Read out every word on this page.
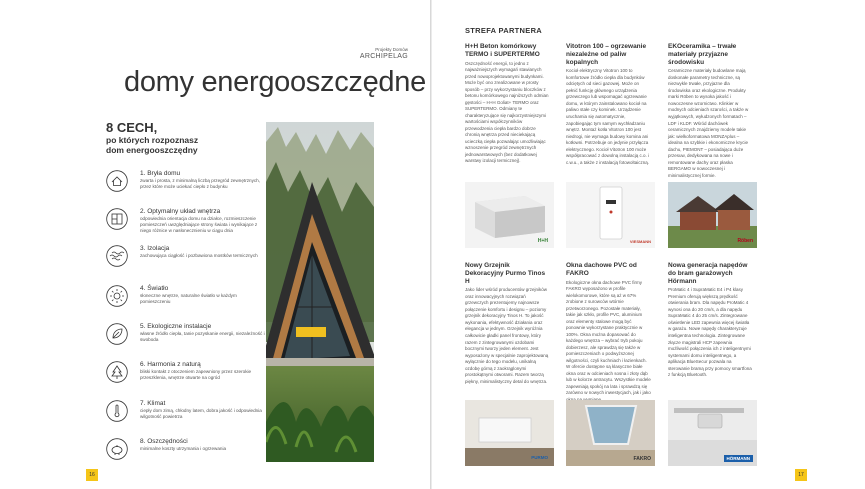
Projekty Domów
ARCHIPELAG
domy energooszczędne
8 CECH,
po których rozpoznasz
dom energooszczędny
1. Bryła domu
zwarta i prosta, z minimalną liczbą przegród zewnętrznych, przez które może uciekać ciepło z budynku
2. Optymalny układ wnętrza
odpowiednia orientacja domu na działce, rozmieszczenie pomieszczeń uwzględniające strony świata i wynikające z niego różnice w nasłonecznieniu w ciągu dnia
3. Izolacja
zachowująca ciągłość i pozbawiona mostków termicznych
4. Światło
słoneczne wnętrze, naturalne światło w każdym pomieszczeniu
5. Ekologiczne instalacje
własne źródło ciepła, tanie pozyskanie energii, niezależność i swoboda
6. Harmonia z naturą
bliski kontakt z otoczeniem zapewniony przez szerokie przeszklenia, wnętrze otwarte na ogród
7. Klimat
ciepły dom zimą, chłodny latem, dobra jakość i odpowiednia wilgotność powietrza
8. Oszczędności
minimalne koszty utrzymania i ogrzewania
16
STREFA PARTNERA
H+H Beton komórkowy TERMO i SUPERTERMO
Oszczędność energii, to jedno z najważniejszych wymagań stawianych przed nowoprojektowanymi budynkami. Może być ono zrealizowane w prosty sposób – przy wykorzystaniu bloczków z betonu komórkowego najniższych odmian gęstości – H+H Goliat+ TERMO oraz SUPERTERMO. Odmiany te charakteryzujące się najkorzystniejszymi wartościami współczynników przewodzenia ciepła bardzo dobrze chronią wnętrza przed nieciekającą ucieczką ciepła pozwalając umożliwiając wznoszenie przegród zewnętrznych jednowarstwowych (bez dodatkowej warstwy izolacji termicznej).
Vitotron 100 – ogrzewanie niezależne od paliw kopalnych
Kocioł elektryczny Vitotron 100 to komfortowe źródło ciepła dla budynków odciętych od sieci gazowej. Może on pełnić funkcję głównego urządzenia grzewczego lub wspomagać ogrzewanie domu, w którym zainstalowano kocioł na paliwo stałe czy kominek. Urządzenie uruchamia się automatycznie, zapobiegając tym samym wychładzaniu wnętrz. Montaż kotła Vitotron 100 jest niedrogi, nie wymaga budowy komina ani kotłowni. Potrzebuje on jedynie przyłącza elektrycznego. Kocioł Vitotron 100 może współpracować z dowolną instalacją c.o. i c.w.u., a także z instalacją fotowoltaiczną.
EKOceramika – trwałe materiały przyjazne środowisku
Ceramiczne materiały budowlane mają doskonałe parametry techniczne, są niezwykle trwałe, przyjazne dla środowiska oraz ekologiczne. Produkty marki Röben to wysoka jakość i nowoczesne wzornictwo. Klinkier w modnych odcieniach szarości, a także w wyjątkowych, wyłudzonych formatach – LDF i KLDF. Wśród dachówek ceramicznych znajdziemy modele takie jak: wielkoformatowa MONZAplus – idealna na szybkie i ekonomiczne krycie dachu, PIEMONT – posiadająca duże przesuw, dedykowana na nowe i remontowane dachy oraz płaska BERGAMO w nowoczesnej i minimalistycznej formie.
H+H	VIESMANN	Röben
Nowy Grzejnik Dekoracyjny Purmo Tinos H
Jako lider wśród producentów grzejników oraz innowacyjnych rozwiązań grzewczych prezentujemy najnowsze połączenie komfortu i designu – poziomy grzejnik dekoracyjny Tinos H. To jakość wykonania, efektywność działania oraz elegancja w jednym. Grzejnik wyróżnia całkowicie gładki panel frontowy, który razem z zintegrowanymi ozdobami bocznymi tworzy jeden element. Jest wyposażony w specjalnie zaprojektowaną wyłącznie do tego modelu, unikalną ozdobę górną z zaokrąglonymi prostokątnymi otworami. Razem tworzą piękny, minimalistyczny detal do wnętrza.
Okna dachowe PVC od FAKRO
Ekologiczne okna dachowe PVC firmy FAKRO wyposażono w profile wielokomorowe, które są aż w 67% zrobione z surowców wtórnie przetworzonego. Pozostałe materiały, takie jak szkło, profile PVC, aluminium oraz elementy stalowe mogą być ponownie wykorzystane praktycznie w 100%. Okna można dopasować do każdego wnętrza – wybrać tryb pokoju dobierzesz, ale sprawdzą się także w pomieszczeniach o podwyższonej wilgotności, czyli kuchniach i łazienkach. W ofercie dostępne są klasyczne białe okna oraz w odcieniach sosna i złoty dąb lub w kolorze antracytu. Wszystkie modele zapewniają spokój na lata i sprawdzą się zarówno w nowych inwestycjach, jak i jako
Nowa generacja napędów do bram garażowych Hörmann
ProMatic 4 i SupraMatic E4 i P4 klasy Premium oferują większą prędkość otwierania bram. Dla napędu ProMatic 4 wynosi ona do 20 cm/s, a dla napędu SupraMatic 4 do 25 cm/s. Zintegrowane oświetlenie LED zapewnia więcej światła w garażu. Nowe napędy charakteryzuje inteligentna technologia. Zintegrowane złącze magistrali HCP zapewnia możliwość połączenia ich z inteligentnymi systemami domu inteligentnego, a aplikacja BlueSecur pozwala na sterowanie bramą przy pomocy smartfona z funkcją Bluetooth.
PURMO	FAKRO	HÖRMANN
17
